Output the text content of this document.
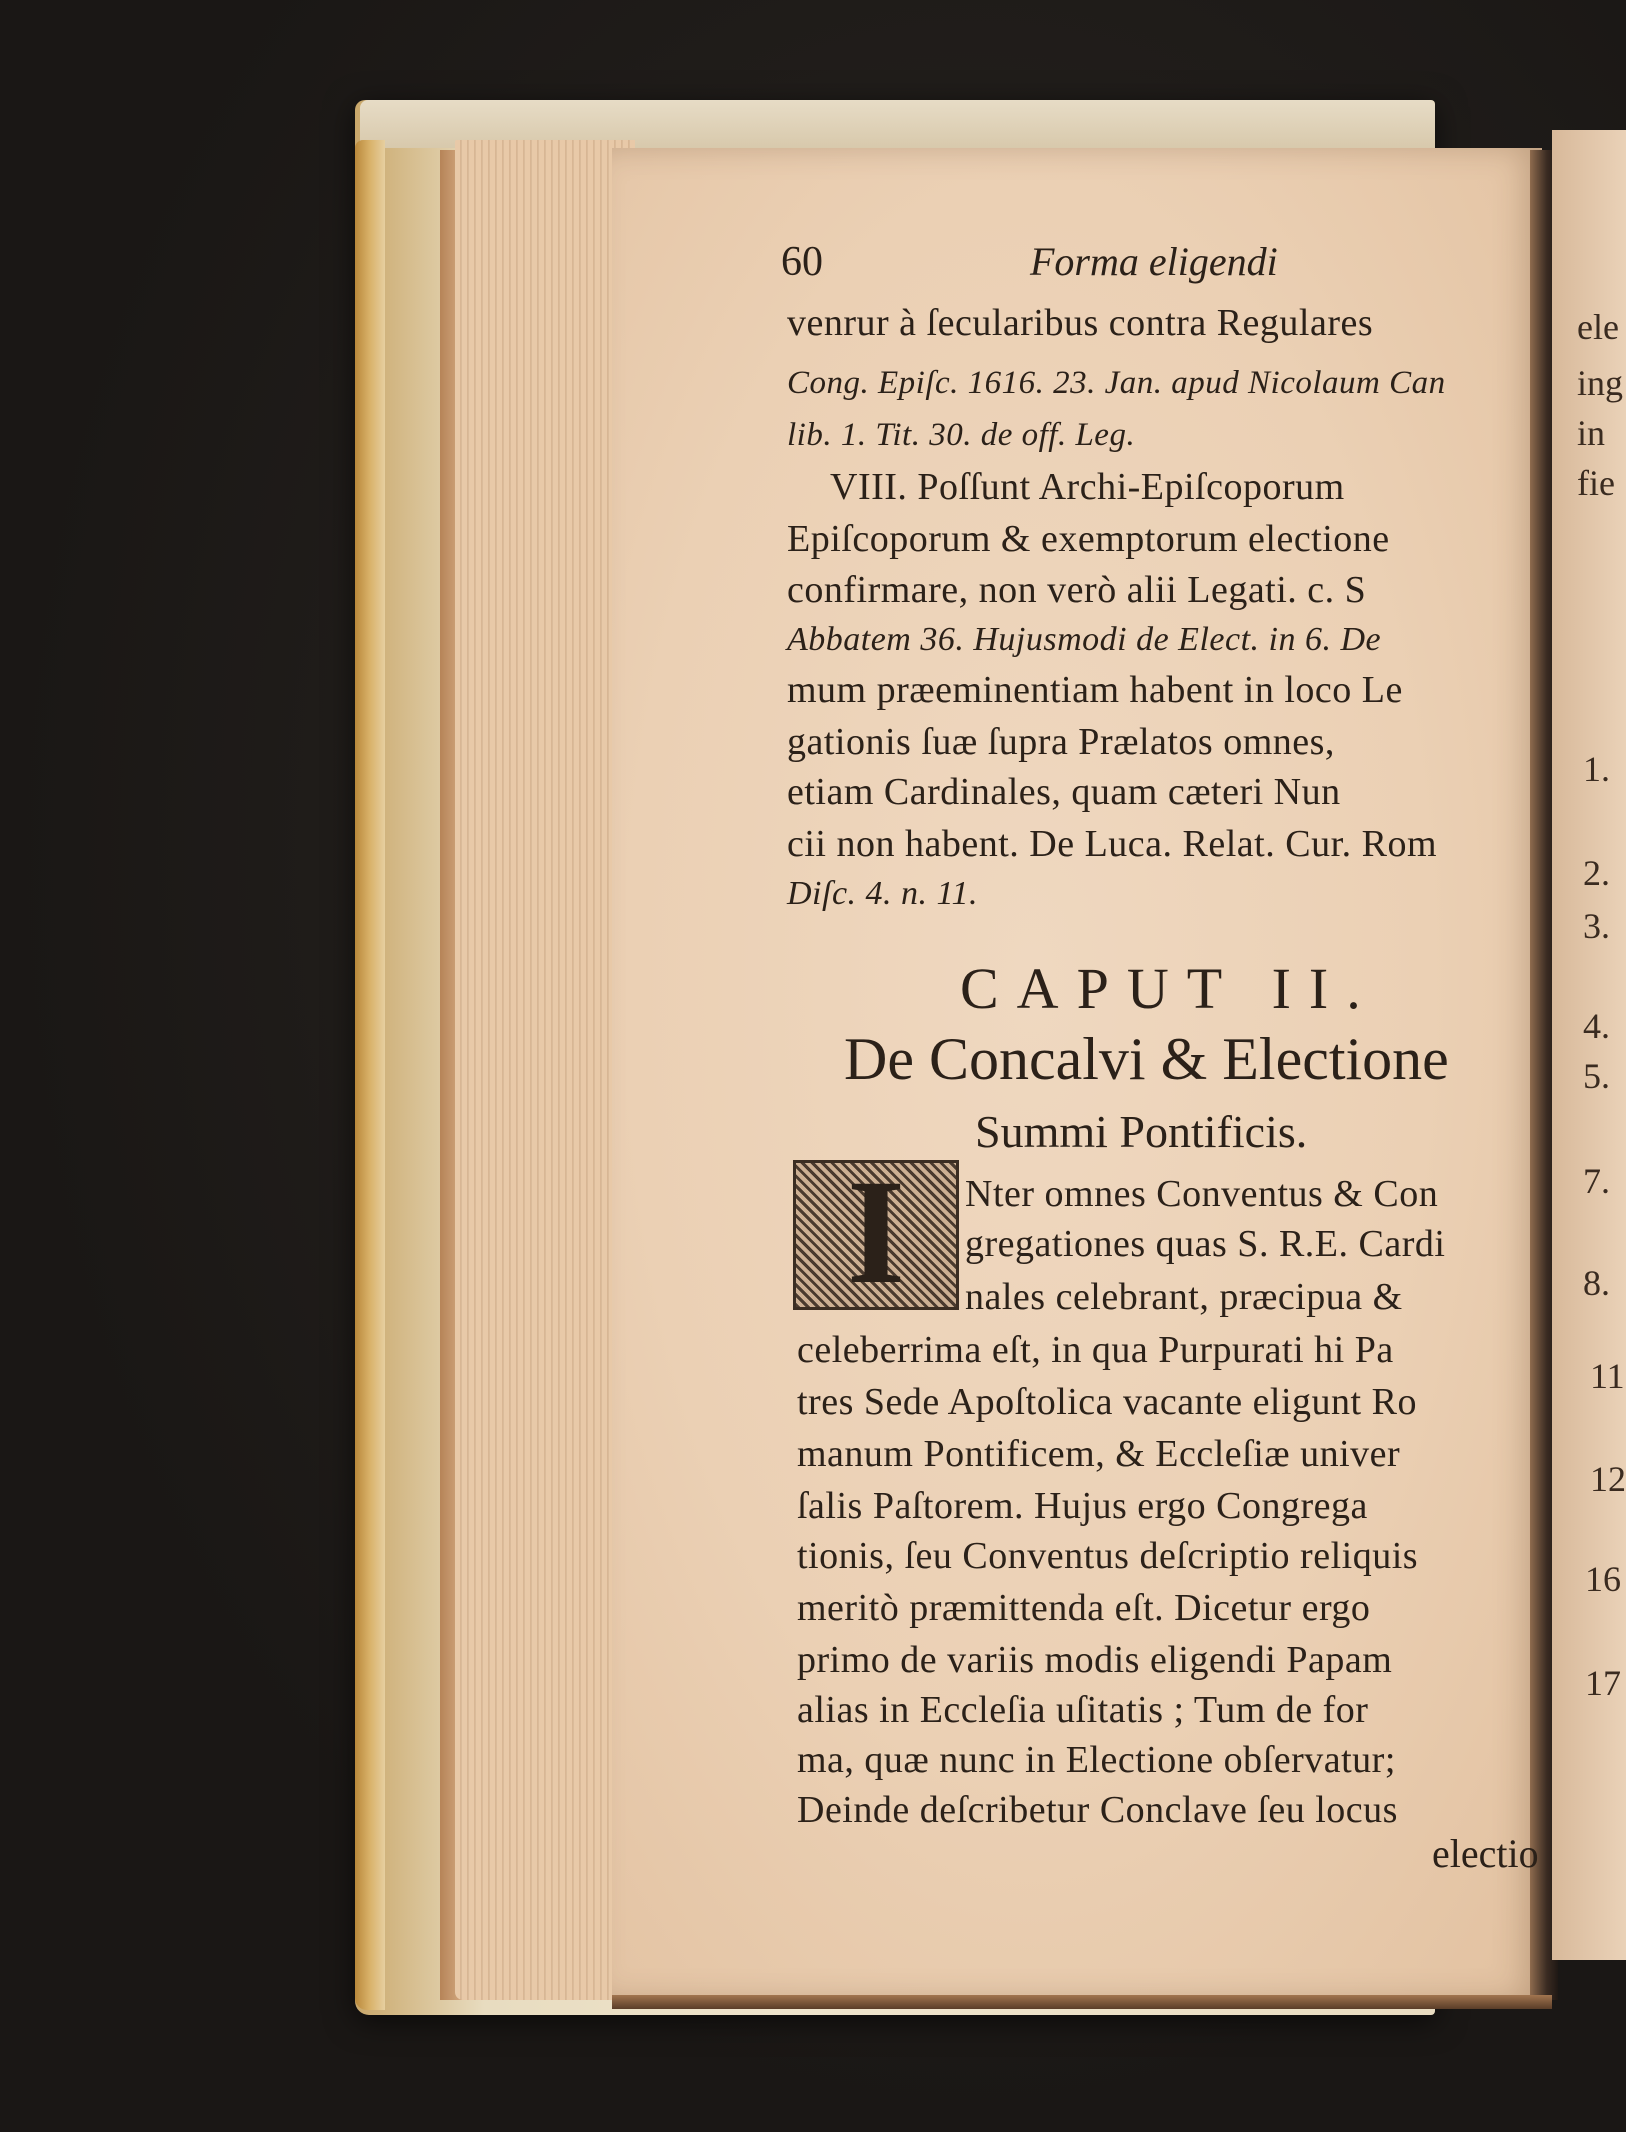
60	Forma eligendi
venrur à ſecularibus contra Regulares
Cong. Epiſc. 1616. 23. Jan. apud Nicolaum Can
lib. 1. Tit. 30. de off. Leg.
VIII. Poſſunt Archi-Epiſcoporum
Epiſcoporum & exemptorum electione
confirmare, non verò alii Legati. c. S
Abbatem 36. Hujusmodi de Elect. in 6. De
mum præeminentiam habent in loco Le
gationis ſuæ ſupra Prælatos omnes,
etiam Cardinales, quam cæteri Nun
cii non habent. De Luca. Relat. Cur. Rom
Diſc. 4. n. 11.
CAPUT II.
De Concalvi & Electione
Summi Pontificis.
I	Nter omnes Conventus & Con
gregationes quas S. R.E. Cardi
nales celebrant, præcipua &
celeberrima eſt, in qua Purpurati hi Pa
tres Sede Apoſtolica vacante eligunt Ro
manum Pontificem, & Eccleſiæ univer
ſalis Paſtorem. Hujus ergo Congrega
tionis, ſeu Conventus deſcriptio reliquis
meritò præmittenda eſt. Dicetur ergo
primo de variis modis eligendi Papam
alias in Eccleſia uſitatis ; Tum de for
ma, quæ nunc in Electione obſervatur;
Deinde deſcribetur Conclave ſeu locus
electio
ele
ing
in
fie
1.
2.
3.
4.
5.
7.
8.
11
12
16
17
